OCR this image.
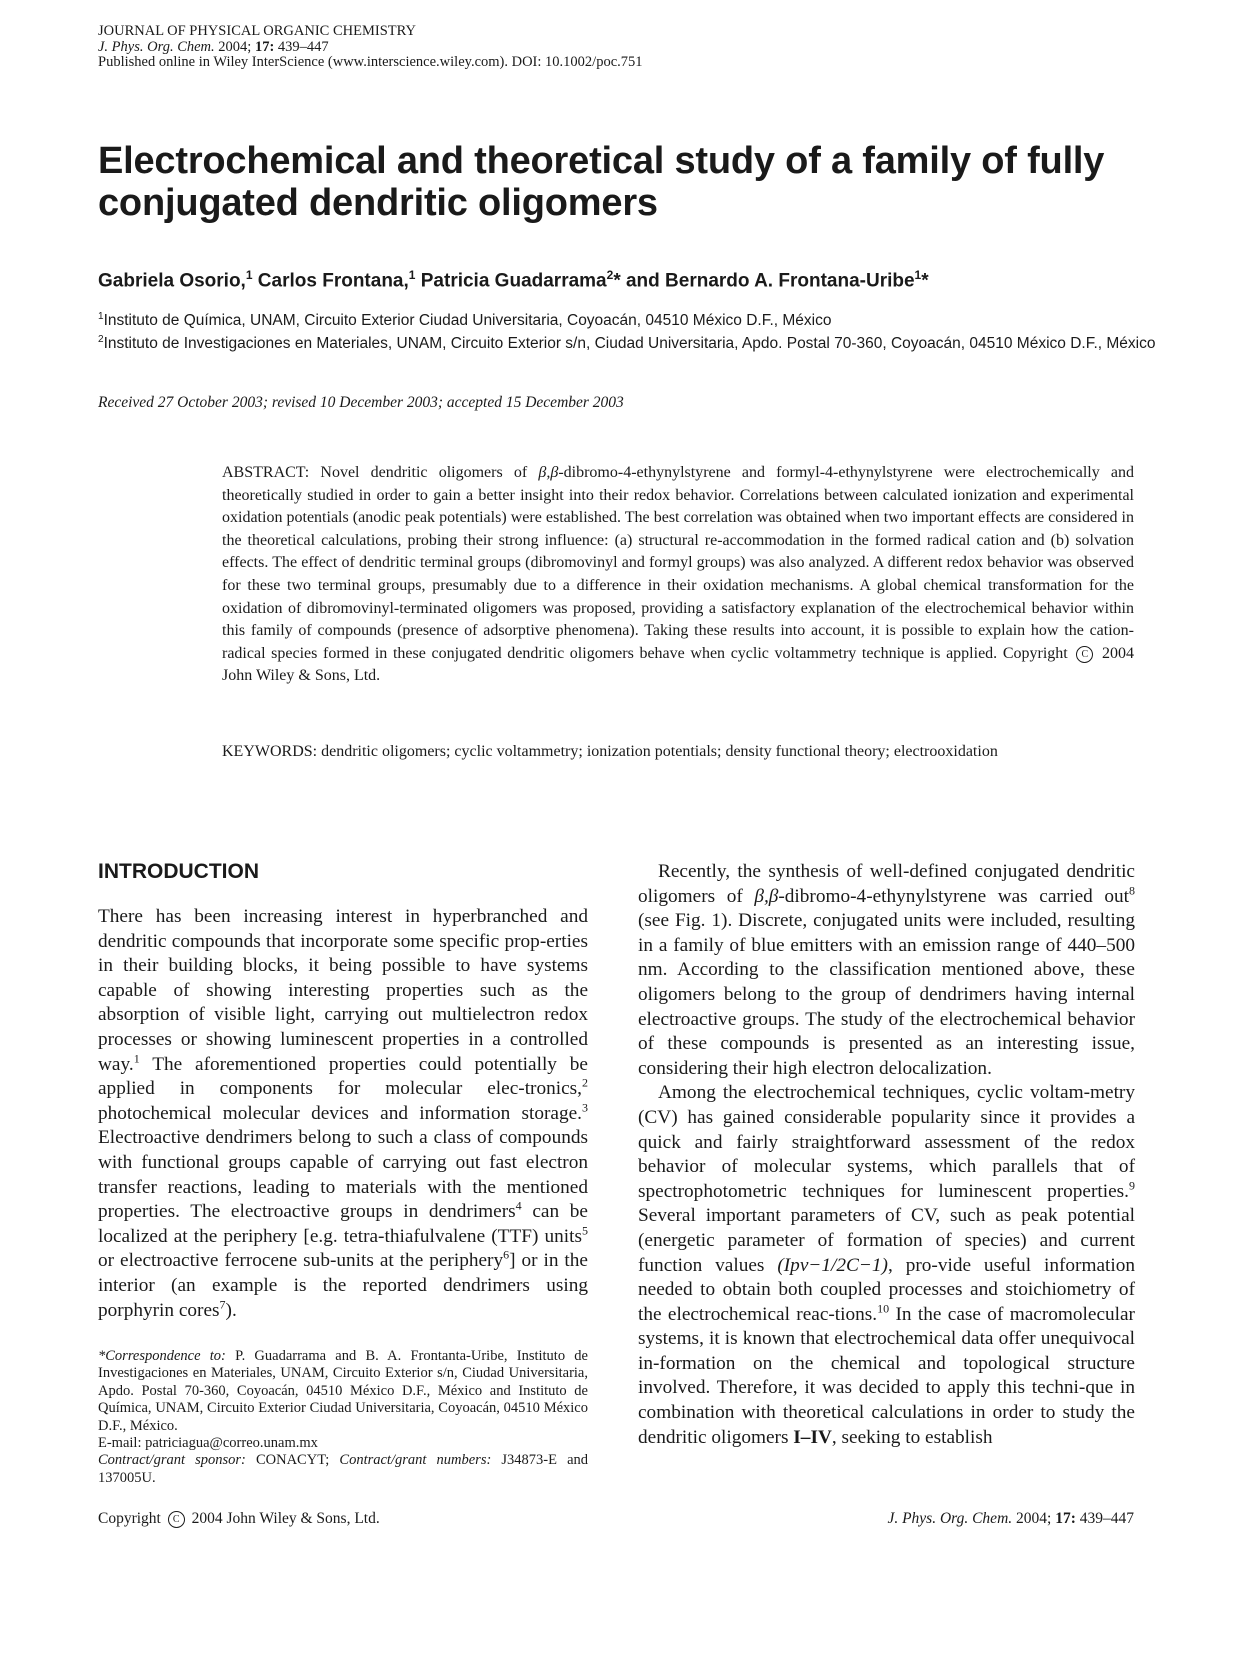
JOURNAL OF PHYSICAL ORGANIC CHEMISTRY
J. Phys. Org. Chem. 2004; 17: 439–447
Published online in Wiley InterScience (www.interscience.wiley.com). DOI: 10.1002/poc.751
Electrochemical and theoretical study of a family of fully conjugated dendritic oligomers
Gabriela Osorio,$^1$ Carlos Frontana,$^1$ Patricia Guadarrama$^2$* and Bernardo A. Frontana-Uribe$^1$*
$^1$Instituto de Química, UNAM, Circuito Exterior Ciudad Universitaria, Coyoacán, 04510 México D.F., México
$^2$Instituto de Investigaciones en Materiales, UNAM, Circuito Exterior s/n, Ciudad Universitaria, Apdo. Postal 70-360, Coyoacán, 04510 México D.F., México
Received 27 October 2003; revised 10 December 2003; accepted 15 December 2003
ABSTRACT: Novel dendritic oligomers of β,β-dibromo-4-ethynylstyrene and formyl-4-ethynylstyrene were electrochemically and theoretically studied in order to gain a better insight into their redox behavior. Correlations between calculated ionization and experimental oxidation potentials (anodic peak potentials) were established. The best correlation was obtained when two important effects are considered in the theoretical calculations, probing their strong influence: (a) structural re-accommodation in the formed radical cation and (b) solvation effects. The effect of dendritic terminal groups (dibromovinyl and formyl groups) was also analyzed. A different redox behavior was observed for these two terminal groups, presumably due to a difference in their oxidation mechanisms. A global chemical transformation for the oxidation of dibromovinyl-terminated oligomers was proposed, providing a satisfactory explanation of the electrochemical behavior within this family of compounds (presence of adsorptive phenomena). Taking these results into account, it is possible to explain how the cation-radical species formed in these conjugated dendritic oligomers behave when cyclic voltammetry technique is applied. Copyright C 2004 John Wiley & Sons, Ltd.
KEYWORDS: dendritic oligomers; cyclic voltammetry; ionization potentials; density functional theory; electrooxidation
INTRODUCTION

There has been increasing interest in hyperbranched and dendritic compounds that incorporate some specific prop-erties in their building blocks, it being possible to have systems capable of showing interesting properties such as the absorption of visible light, carrying out multielectron redox processes or showing luminescent properties in a controlled way.$^1$ The aforementioned properties could potentially be applied in components for molecular elec-tronics,$^2$ photochemical molecular devices and information storage.$^3$ Electroactive dendrimers belong to such a class of compounds with functional groups capable of carrying out fast electron transfer reactions, leading to materials with the mentioned properties. The electroactive groups in dendrimers$^4$ can be localized at the periphery [e.g. tetra-thiafulvalene (TTF) units$^5$ or electroactive ferrocene sub-units at the periphery$^6$] or in the interior (an example is the reported dendrimers using porphyrin cores$^7$).

*Correspondence to: P. Guadarrama and B. A. Frontanta-Uribe, Instituto de Investigaciones en Materiales, UNAM, Circuito Exterior s/n, Ciudad Universitaria, Apdo. Postal 70-360, Coyoacán, 04510 México D.F., México and Instituto de Química, UNAM, Circuito Exterior Ciudad Universitaria, Coyoacán, 04510 México D.F., México.

E-mail: patriciagua@correo.unam.mx

Contract/grant sponsor: CONACYT; Contract/grant numbers: J34873-E and 137005U.

Recently, the synthesis of well-defined conjugated dendritic oligomers of β,β-dibromo-4-ethynylstyrene was carried out$^8$ (see Fig. 1). Discrete, conjugated units were included, resulting in a family of blue emitters with an emission range of 440–500 nm. According to the classification mentioned above, these oligomers belong to the group of dendrimers having internal electroactive groups. The study of the electrochemical behavior of these compounds is presented as an interesting issue, considering their high electron delocalization.

Among the electrochemical techniques, cyclic voltam-metry (CV) has gained considerable popularity since it provides a quick and fairly straightforward assessment of the redox behavior of molecular systems, which parallels that of spectrophotometric techniques for luminescent properties.$^9$ Several important parameters of CV, such as peak potential (energetic parameter of formation of species) and current function values (Ipv−1/2C−1), pro-vide useful information needed to obtain both coupled processes and stoichiometry of the electrochemical reac-tions.$^{10}$ In the case of macromolecular systems, it is known that electrochemical data offer unequivocal in-formation on the chemical and topological structure involved. Therefore, it was decided to apply this techni-que in combination with theoretical calculations in order to study the dendritic oligomers I–IV, seeking to establish

Copyright C 2004 John Wiley & Sons, Ltd.	J. Phys. Org. Chem. 2004; 17: 439–447
